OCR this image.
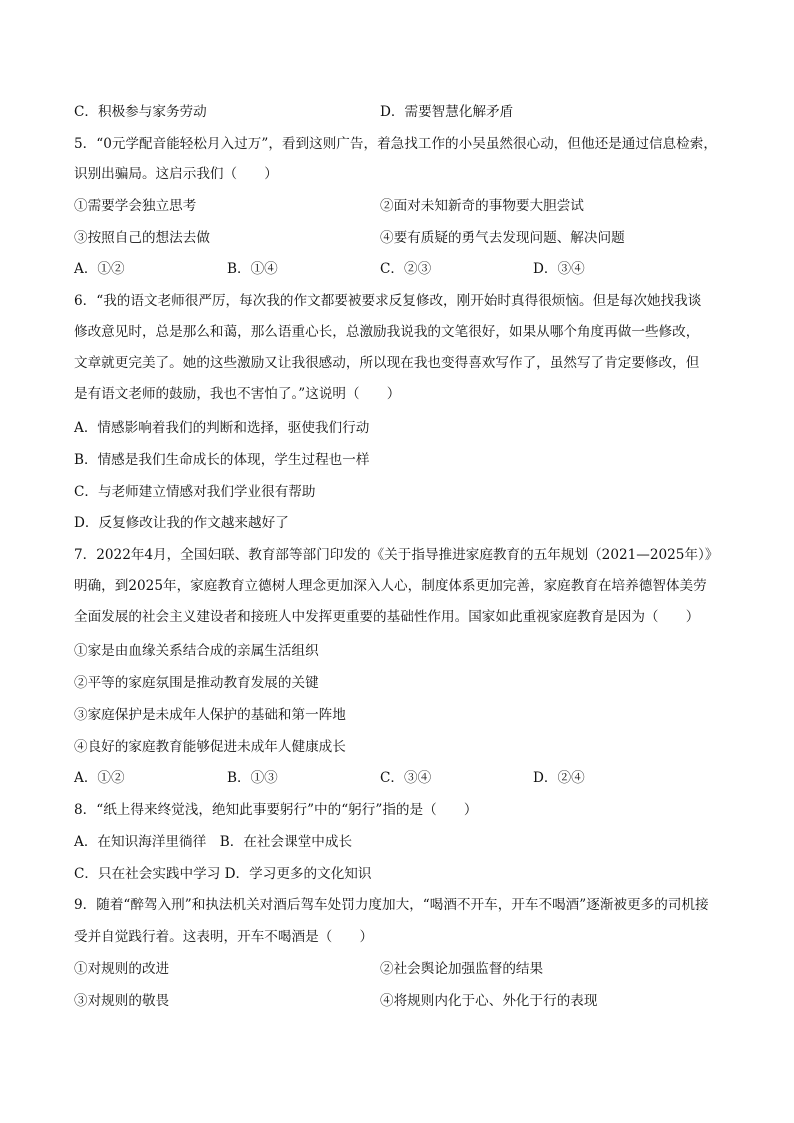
C．积极参与家务劳动	D．需要智慧化解矛盾
5．“0元学配音能轻松月入过万”，看到这则广告，着急找工作的小吴虽然很心动，但他还是通过信息检索，
识别出骗局。这启示我们（　　）
①需要学会独立思考	②面对未知新奇的事物要大胆尝试
③按照自己的想法去做	④要有质疑的勇气去发现问题、解决问题
A．①②	B．①④	C．②③	D．③④
6．“我的语文老师很严厉，每次我的作文都要被要求反复修改，刚开始时真得很烦恼。但是每次她找我谈
修改意见时，总是那么和蔼，那么语重心长，总激励我说我的文笔很好，如果从哪个角度再做一些修改，
文章就更完美了。她的这些激励又让我很感动，所以现在我也变得喜欢写作了，虽然写了肯定要修改，但
是有语文老师的鼓励，我也不害怕了。”这说明（　　）
A．情感影响着我们的判断和选择，驱使我们行动
B．情感是我们生命成长的体现，学生过程也一样
C．与老师建立情感对我们学业很有帮助
D．反复修改让我的作文越来越好了
7．2022年4月，全国妇联、教育部等部门印发的《关于指导推进家庭教育的五年规划（2021—2025年）》
明确，到2025年，家庭教育立德树人理念更加深入人心，制度体系更加完善，家庭教育在培养德智体美劳
全面发展的社会主义建设者和接班人中发挥更重要的基础性作用。国家如此重视家庭教育是因为（　　）
①家是由血缘关系结合成的亲属生活组织
②平等的家庭氛围是推动教育发展的关键
③家庭保护是未成年人保护的基础和第一阵地
④良好的家庭教育能够促进未成年人健康成长
A．①②	B．①③	C．③④	D．②④
8．“纸上得来终觉浅，绝知此事要躬行”中的“躬行”指的是（　　）
A．在知识海洋里徜徉　B．在社会课堂中成长
C．只在社会实践中学习 D．学习更多的文化知识
9．随着“醉驾入刑”和执法机关对酒后驾车处罚力度加大，“喝酒不开车，开车不喝酒”逐渐被更多的司机接
受并自觉践行着。这表明，开车不喝酒是（　　）
①对规则的改进	②社会舆论加强监督的结果
③对规则的敬畏	④将规则内化于心、外化于行的表现
